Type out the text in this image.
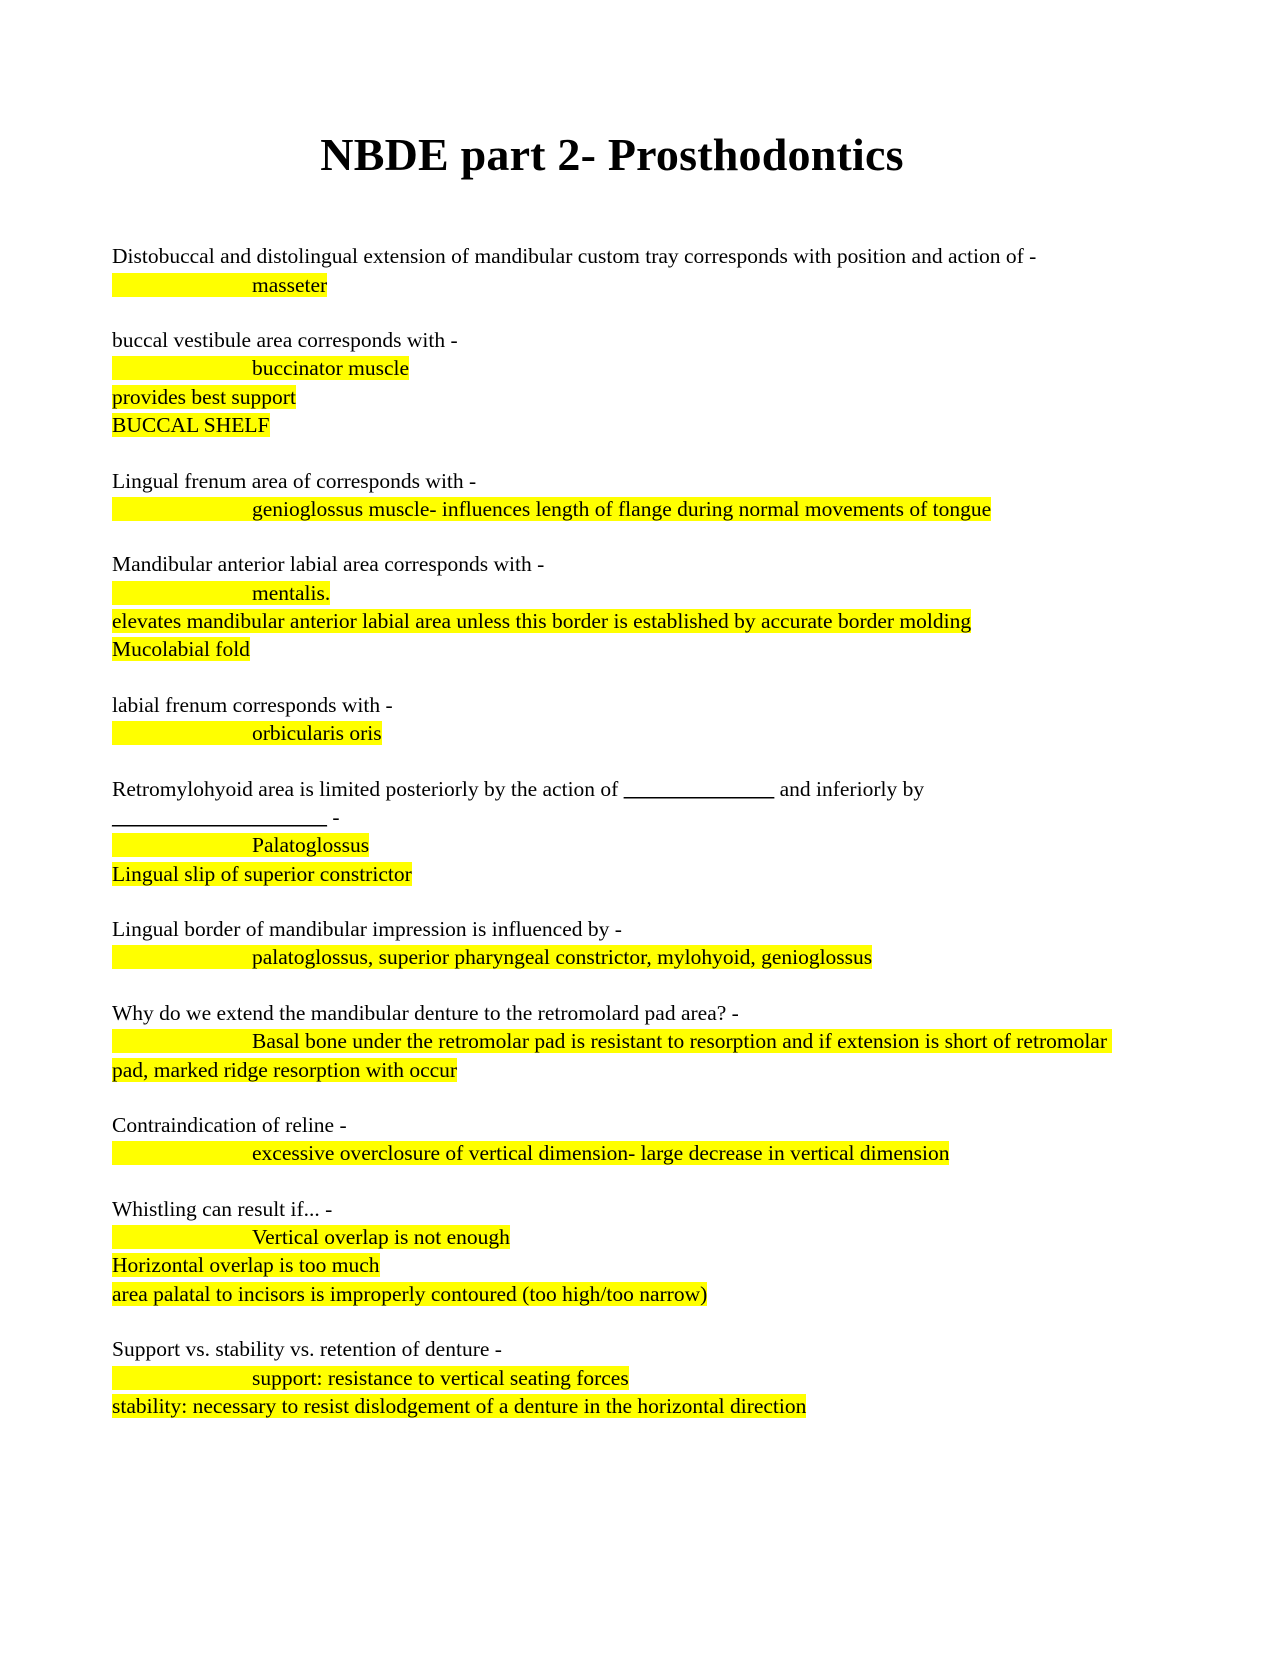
NBDE part 2- Prosthodontics

Distobuccal and distolingual extension of mandibular custom tray corresponds with position and action of -

masseter

buccal vestibule area corresponds with -

buccinator muscle

provides best support

BUCCAL SHELF

Lingual frenum area of corresponds with -

genioglossus muscle- influences length of flange during normal movements of tongue

Mandibular anterior labial area corresponds with -

mentalis.

elevates mandibular anterior labial area unless this border is established by accurate border molding

Mucolabial fold

labial frenum corresponds with -

orbicularis oris

Retromylohyoid area is limited posteriorly by the action of ______________ and inferiorly by ____________________ -

Palatoglossus

Lingual slip of superior constrictor

Lingual border of mandibular impression is influenced by -

palatoglossus, superior pharyngeal constrictor, mylohyoid, genioglossus

Why do we extend the mandibular denture to the retromolard pad area? -

Basal bone under the retromolar pad is resistant to resorption and if extension is short of retromolar pad, marked ridge resorption with occur

Contraindication of reline -

excessive overclosure of vertical dimension- large decrease in vertical dimension

Whistling can result if... -

Vertical overlap is not enough

Horizontal overlap is too much

area palatal to incisors is improperly contoured (too high/too narrow)

Support vs. stability vs. retention of denture -

support: resistance to vertical seating forces

stability: necessary to resist dislodgement of a denture in the horizontal direction
